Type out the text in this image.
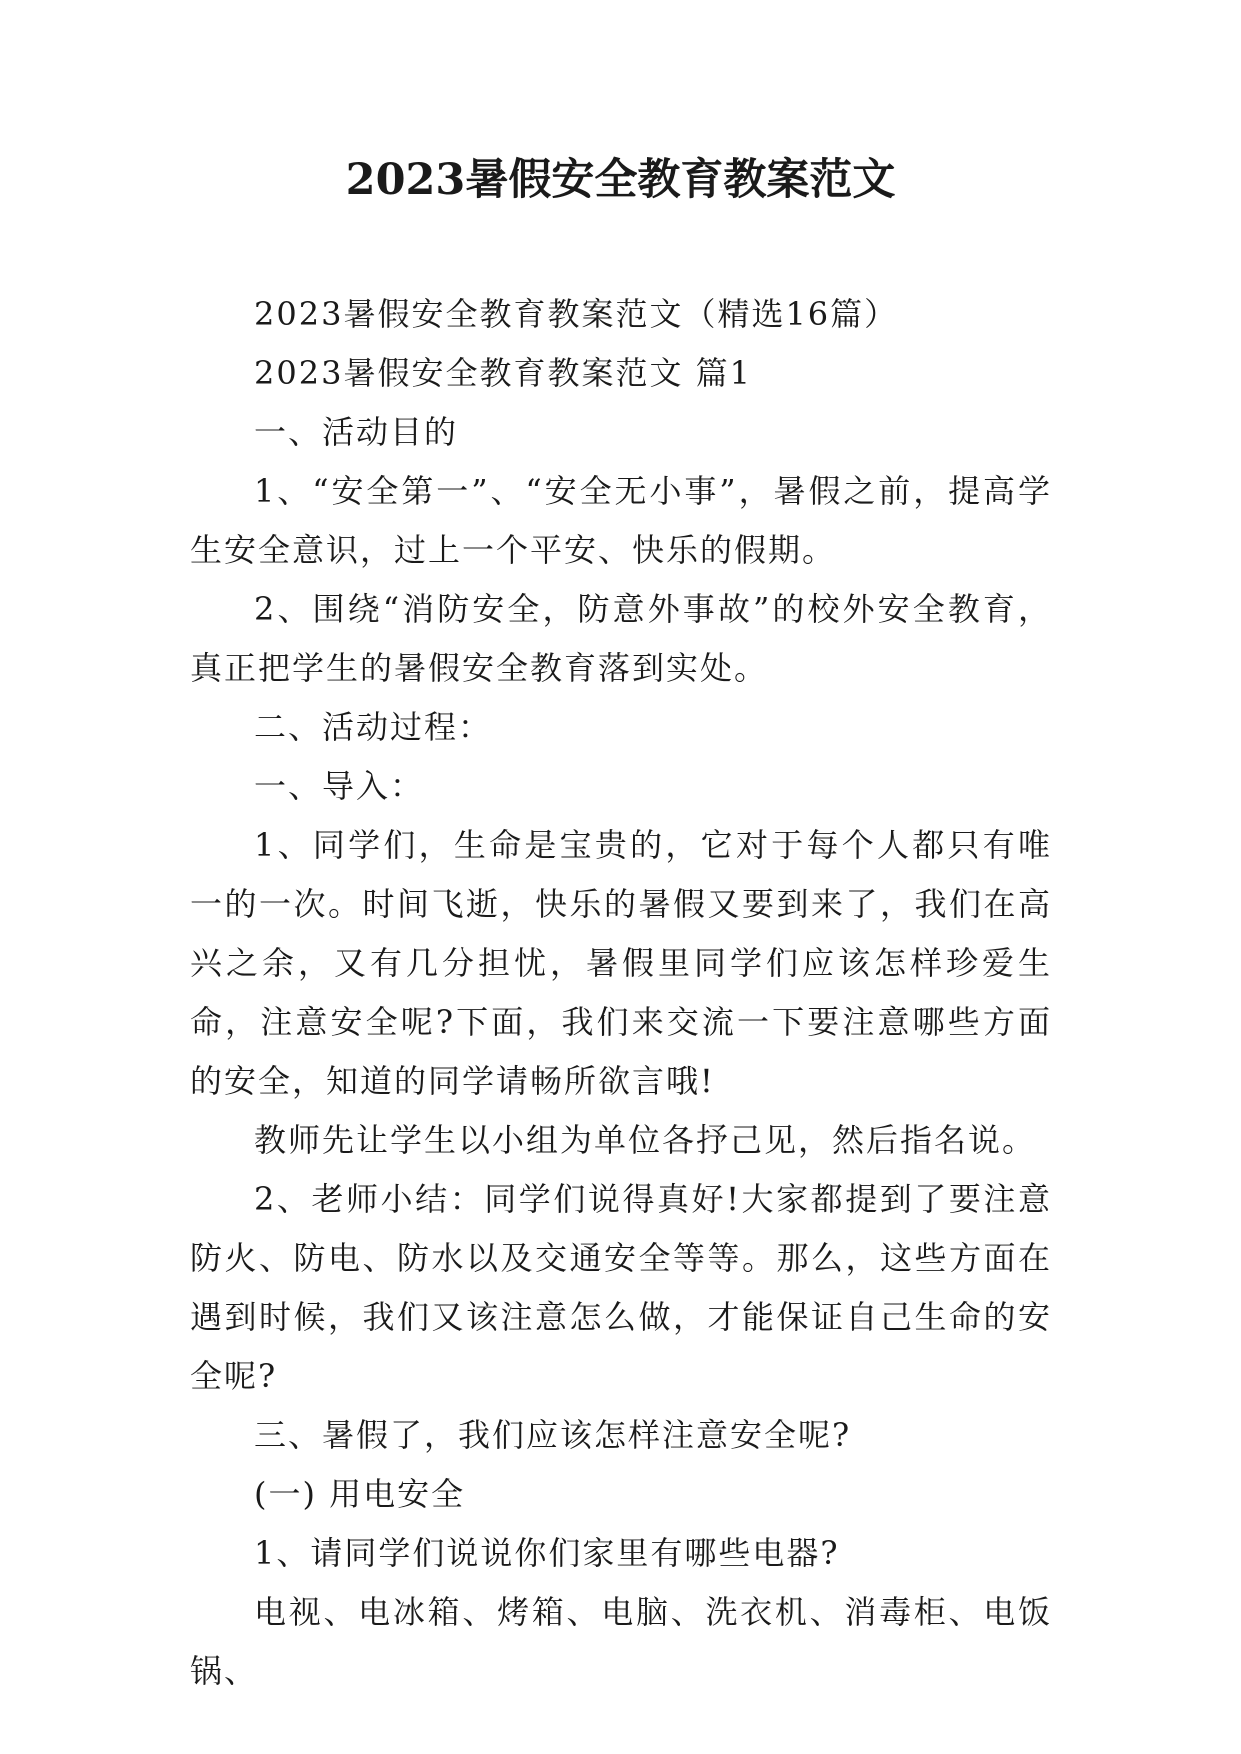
2023暑假安全教育教案范文

2023暑假安全教育教案范文（精选16篇）

2023暑假安全教育教案范文 篇1

一、活动目的

1、“安全第一”、“安全无小事”，暑假之前，提高学生安全意识，过上一个平安、快乐的假期。

2、围绕“消防安全，防意外事故”的校外安全教育，真正把学生的暑假安全教育落到实处。

二、活动过程：

一、导入：

1、同学们，生命是宝贵的，它对于每个人都只有唯一的一次。时间飞逝，快乐的暑假又要到来了，我们在高兴之余，又有几分担忧，暑假里同学们应该怎样珍爱生命，注意安全呢?下面，我们来交流一下要注意哪些方面的安全，知道的同学请畅所欲言哦!

教师先让学生以小组为单位各抒己见，然后指名说。

2、老师小结：同学们说得真好!大家都提到了要注意防火、防电、防水以及交通安全等等。那么，这些方面在遇到时候，我们又该注意怎么做，才能保证自己生命的安全呢?

三、暑假了，我们应该怎样注意安全呢?

(一) 用电安全

1、请同学们说说你们家里有哪些电器?

电视、电冰箱、烤箱、电脑、洗衣机、消毒柜、电饭锅、
